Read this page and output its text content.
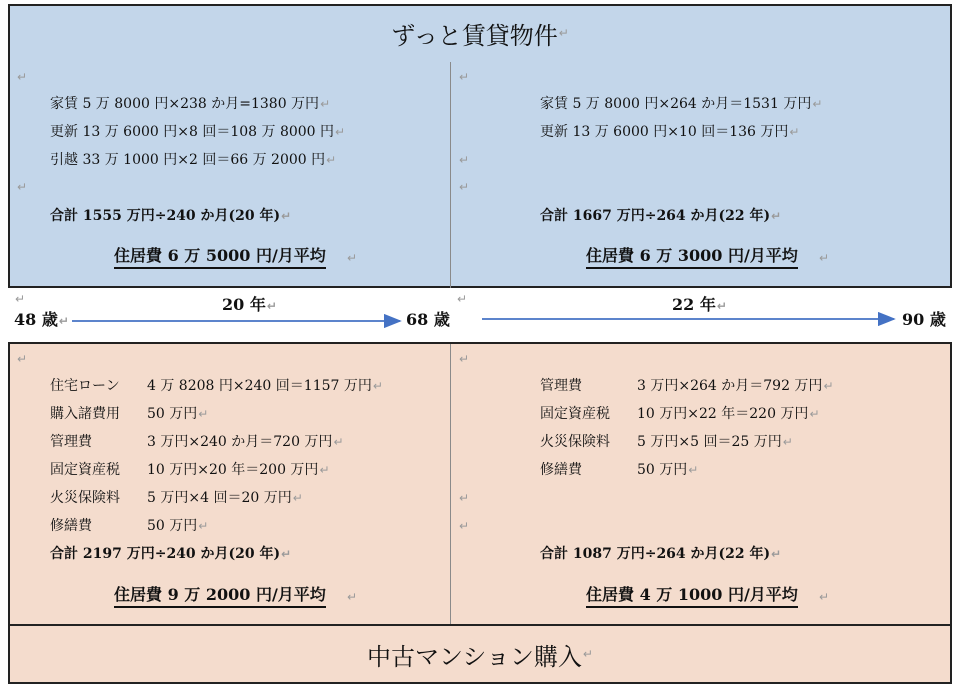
ずっと賃貸物件 ↵
↵
家賃 5 万 8000 円×238 か月=1380 万円↵
更新 13 万 6000 円×8 回＝108 万 8000 円↵
引越 33 万 1000 円×2 回＝66 万 2000 円↵
↵
合計 1555 万円÷240 か月(20 年)↵
住居費 6 万 5000 円/月平均 ↵
↵
家賃 5 万 8000 円×264 か月＝1531 万円↵
更新 13 万 6000 円×10 回＝136 万円↵
↵
↵
合計 1667 万円÷264 か月(22 年)↵
住居費 6 万 3000 円/月平均 ↵
↵	↵
48 歳↵
20 年↵
68 歳
22 年↵
90 歳
↵
住宅ローン 4 万 8208 円×240 回＝1157 万円↵
購入諸費用 50 万円↵
管理費	3 万円×240 か月＝720 万円↵
固定資産税 10 万円×20 年＝200 万円↵
火災保険料 5 万円×4 回＝20 万円↵
修繕費	50 万円↵
合計 2197 万円÷240 か月(20 年)↵
住居費 9 万 2000 円/月平均 ↵
↵
管理費	3 万円×264 か月＝792 万円↵
固定資産税 10 万円×22 年＝220 万円↵
火災保険料 5 万円×5 回＝25 万円↵
修繕費	50 万円↵
↵
↵
合計 1087 万円÷264 か月(22 年)↵
住居費 4 万 1000 円/月平均 ↵
中古マンション購入 ↵
